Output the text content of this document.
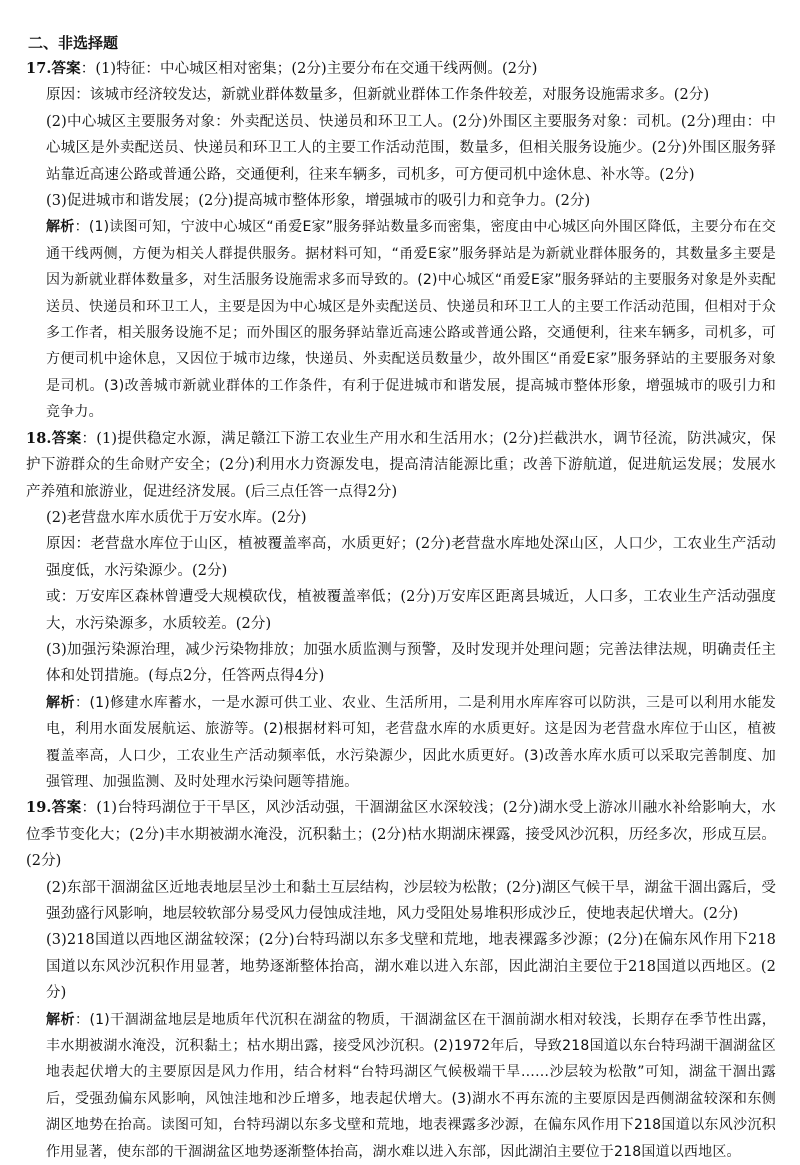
二、非选择题

17.答案：(1)特征：中心城区相对密集；(2分)主要分布在交通干线两侧。(2分)

原因：该城市经济较发达，新就业群体数量多，但新就业群体工作条件较差，对服务设施需求多。(2分)

(2)中心城区主要服务对象：外卖配送员、快递员和环卫工人。(2分)外围区主要服务对象：司机。(2分)理由：中心城区是外卖配送员、快递员和环卫工人的主要工作活动范围，数量多，但相关服务设施少。(2分)外围区服务驿站靠近高速公路或普通公路，交通便利，往来车辆多，司机多，可方便司机中途休息、补水等。(2分)

(3)促进城市和谐发展；(2分)提高城市整体形象，增强城市的吸引力和竞争力。(2分)

解析：(1)读图可知，宁波中心城区“甬爱E家”服务驿站数量多而密集，密度由中心城区向外围区降低，主要分布在交通干线两侧，方便为相关人群提供服务。据材料可知，“甬爱E家”服务驿站是为新就业群体服务的，其数量多主要是因为新就业群体数量多，对生活服务设施需求多而导致的。(2)中心城区“甬爱E家”服务驿站的主要服务对象是外卖配送员、快递员和环卫工人，主要是因为中心城区是外卖配送员、快递员和环卫工人的主要工作活动范围，但相对于众多工作者，相关服务设施不足；而外围区的服务驿站靠近高速公路或普通公路，交通便利，往来车辆多，司机多，可方便司机中途休息，又因位于城市边缘，快递员、外卖配送员数量少，故外围区“甬爱E家”服务驿站的主要服务对象是司机。(3)改善城市新就业群体的工作条件，有利于促进城市和谐发展，提高城市整体形象，增强城市的吸引力和竞争力。

18.答案：(1)提供稳定水源，满足赣江下游工农业生产用水和生活用水；(2分)拦截洪水，调节径流，防洪减灾，保护下游群众的生命财产安全；(2分)利用水力资源发电，提高清洁能源比重；改善下游航道，促进航运发展；发展水产养殖和旅游业，促进经济发展。(后三点任答一点得2分)

(2)老营盘水库水质优于万安水库。(2分)

原因：老营盘水库位于山区，植被覆盖率高，水质更好；(2分)老营盘水库地处深山区，人口少，工农业生产活动强度低，水污染源少。(2分)

或：万安库区森林曾遭受大规模砍伐，植被覆盖率低；(2分)万安库区距离县城近，人口多，工农业生产活动强度大，水污染源多，水质较差。(2分)

(3)加强污染源治理，减少污染物排放；加强水质监测与预警，及时发现并处理问题；完善法律法规，明确责任主体和处罚措施。(每点2分，任答两点得4分)

解析：(1)修建水库蓄水，一是水源可供工业、农业、生活所用，二是利用水库库容可以防洪，三是可以利用水能发电，利用水面发展航运、旅游等。(2)根据材料可知，老营盘水库的水质更好。这是因为老营盘水库位于山区，植被覆盖率高，人口少，工农业生产活动频率低，水污染源少，因此水质更好。(3)改善水库水质可以采取完善制度、加强管理、加强监测、及时处理水污染问题等措施。

19.答案：(1)台特玛湖位于干旱区，风沙活动强，干涸湖盆区水深较浅；(2分)湖水受上游冰川融水补给影响大，水位季节变化大；(2分)丰水期被湖水淹没，沉积黏土；(2分)枯水期湖床裸露，接受风沙沉积，历经多次，形成互层。(2分)

(2)东部干涸湖盆区近地表地层呈沙土和黏土互层结构，沙层较为松散；(2分)湖区气候干旱，湖盆干涸出露后，受强劲盛行风影响，地层较软部分易受风力侵蚀成洼地，风力受阻处易堆积形成沙丘，使地表起伏增大。(2分)

(3)218国道以西地区湖盆较深；(2分)台特玛湖以东多戈壁和荒地，地表裸露多沙源；(2分)在偏东风作用下218国道以东风沙沉积作用显著，地势逐渐整体抬高，湖水难以进入东部，因此湖泊主要位于218国道以西地区。(2分)

解析：(1)干涸湖盆地层是地质年代沉积在湖盆的物质，干涸湖盆区在干涸前湖水相对较浅，长期存在季节性出露，丰水期被湖水淹没，沉积黏土；枯水期出露，接受风沙沉积。(2)1972年后，导致218国道以东台特玛湖干涸湖盆区地表起伏增大的主要原因是风力作用，结合材料“台特玛湖区气候极端干旱……沙层较为松散”可知，湖盆干涸出露后，受强劲偏东风影响，风蚀洼地和沙丘增多，地表起伏增大。(3)湖水不再东流的主要原因是西侧湖盆较深和东侧湖区地势在抬高。读图可知，台特玛湖以东多戈壁和荒地，地表裸露多沙源，在偏东风作用下218国道以东风沙沉积作用显著，使东部的干涸湖盆区地势逐渐整体抬高，湖水难以进入东部，因此湖泊主要位于218国道以西地区。
